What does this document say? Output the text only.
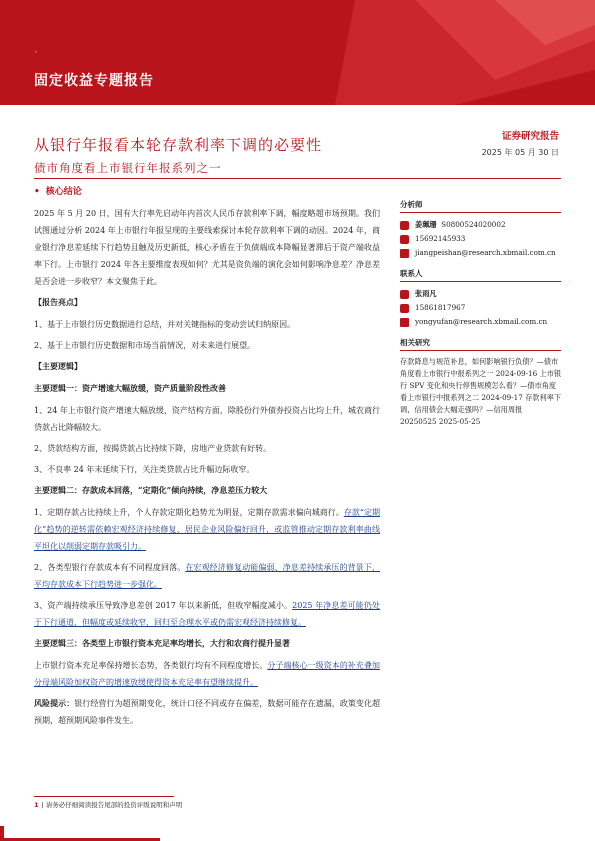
、
固定收益专题报告
从银行年报看本轮存款利率下调的必要性
债市角度看上市银行年报系列之一
证券研究报告
2025 年 05 月 30 日
• 核心结论

2025 年 5 月 20 日，国有大行率先启动年内首次人民币存款利率下调，幅度略超市场预期。我们试图通过分析 2024 年上市银行年报呈现的主要线索探讨本轮存款利率下调的动因。2024 年，商业银行净息差延续下行趋势且触及历史新低，核心矛盾在于负债端成本降幅显著滞后于资产端收益率下行。上市银行 2024 年各主要维度表现如何？尤其是资负端的演化会如何影响净息差？净息差是否会进一步收窄？本文聚焦于此。

【报告亮点】

1、基于上市银行历史数据进行总结，并对关键指标的变动尝试归纳原因。

2、基于上市银行历史数据和市场当前情况，对未来进行展望。

【主要逻辑】
主要逻辑一：资产增速大幅放缓，资产质量阶段性改善

1、24 年上市银行资产增速大幅放缓，资产结构方面，除股份行外债券投资占比均上升，城农商行贷款占比降幅较大。

2、贷款结构方面，按揭贷款占比持续下降，房地产业贷款有好转。

3、不良率 24 年末延续下行，关注类贷款占比升幅边际收窄。

主要逻辑二：存款成本回落，“定期化”倾向持续，净息差压力较大

1、定期存款占比持续上升，个人存款定期化趋势尤为明显，定期存款需求偏向城商行。存款“定期化”趋势的逆转需依赖宏观经济持续修复、居民企业风险偏好回升，或监管推动定期存款利率曲线平坦化以削弱定期存款吸引力。

2、各类型银行存款成本有不同程度回落。在宏观经济修复动能偏弱、净息差持续承压的背景下，平均存款成本下行趋势进一步强化。

3、资产端持续承压导致净息差创 2017 年以来新低，但收窄幅度减小。2025 年净息差可能仍处于下行通道，但幅度或延续收窄，回归至合理水平或仍需宏观经济持续修复。

主要逻辑三：各类型上市银行资本充足率均增长，大行和农商行提升显著

上市银行资本充足率保持增长态势，各类银行均有不同程度增长。分子端核心一级资本的补充叠加分母端风险加权资产的增速放缓使得资本充足率有望继续提升。

风险提示：银行经营行为超预期变化，统计口径不同或存在偏差，数据可能存在遗漏，政策变化超预期，超预期风险事件发生。

分析师
姜珮珊
S0800524020002
15692145933
jiangpeishan@research.xbmail.com.cn
联系人
张雨凡
15861817967
yongyufan@research.xbmail.com.cn
相关研究
存款降息与规范补息，如何影响银行负债？—债市角度看上市银行中报系列之一 2024-09-16 上市银行 SPV 变化和央行停售规模怎么看？—债市角度看上市银行中报系列之二 2024-09-17 存款利率下调，信用债会大幅走强吗？—信用周报 20250525 2025-05-25
1 | 请务必仔细阅读报告尾部的投资评级说明和声明
